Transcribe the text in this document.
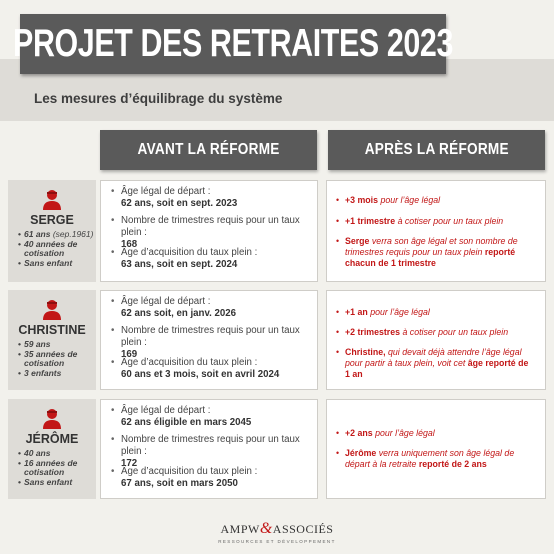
PROJET DES RETRAITES 2023
Les mesures d’équilibrage du système
AVANT LA RÉFORME	APRÈS LA RÉFORME
SERGE
• 61 ans (sep.1961)
• 40 années de cotisation
• Sans enfant
• Âge légal de départ :
62 ans, soit en sept. 2023
• Nombre de trimestres requis pour un taux plein :
168
• Âge d’acquisition du taux plein :
63 ans, soit en sept. 2024
• +3 mois pour l’âge légal
• +1 trimestre à cotiser pour un taux plein
• Serge verra son âge légal et son nombre de trimestres requis pour un taux plein reporté chacun de 1 trimestre
CHRISTINE
• 59 ans
• 35 années de cotisation
• 3 enfants
• Âge légal de départ :
62 ans soit, en janv. 2026
• Nombre de trimestres requis pour un taux plein :
169
• Âge d’acquisition du taux plein :
60 ans et 3 mois, soit en avril 2024
• +1 an pour l’âge légal
• +2 trimestres à cotiser pour un taux plein
• Christine, qui devait déjà attendre l’âge légal pour partir à taux plein, voit cet âge reporté de 1 an
JÉRÔME
• 40 ans
• 16 années de cotisation
• Sans enfant
• Âge légal de départ :
62 ans éligible en mars 2045
• Nombre de trimestres requis pour un taux plein :
172
• Âge d’acquisition du taux plein :
67 ans, soit en mars 2050
• +2 ans pour l’âge légal
• Jérôme verra uniquement son âge légal de départ à la retraite reporté de 2 ans
AMPW&ASSOCIÉS
RESSOURCES ET DÉVELOPPEMENT
